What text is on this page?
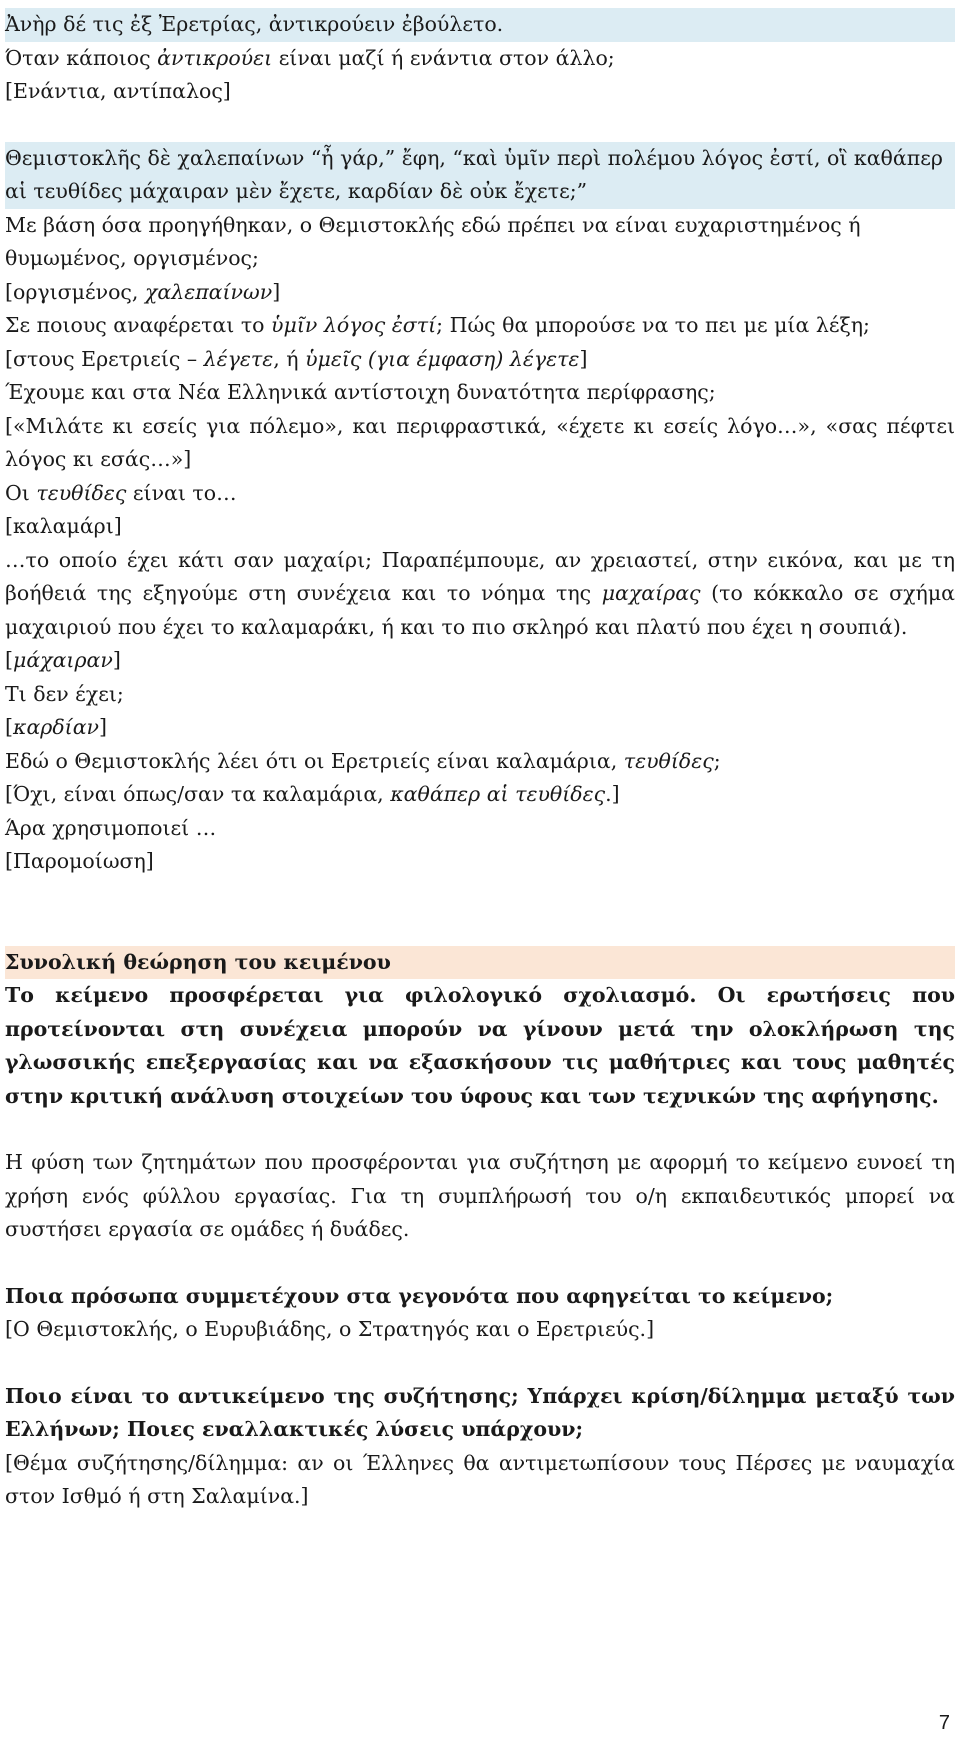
Ἀνὴρ δέ τις ἐξ Ἐρετρίας, ἀντικρούειν ἐβούλετο.

Όταν κάποιος ἀντικρούει είναι μαζί ή ενάντια στον άλλο;

[Ενάντια, αντίπαλος]

Θεμιστοκλῆς δὲ χαλεπαίνων “ἦ γάρ,” ἔφη, “καὶ ὑμῖν περὶ πολέμου λόγος ἐστί, οἳ καθάπερ αἱ τευθίδες μάχαιραν μὲν ἔχετε, καρδίαν δὲ οὐκ ἔχετε;”

Με βάση όσα προηγήθηκαν, ο Θεμιστοκλής εδώ πρέπει να είναι ευχαριστημένος ή θυμωμένος, οργισμένος;

[οργισμένος, χαλεπαίνων]

Σε ποιους αναφέρεται το ὑμῖν λόγος ἐστί; Πώς θα μπορούσε να το πει με μία λέξη;

[στους Ερετριείς – λέγετε, ή ὑμεῖς (για έμφαση) λέγετε]

Έχουμε και στα Νέα Ελληνικά αντίστοιχη δυνατότητα περίφρασης;

[«Μιλάτε κι εσείς για πόλεμο», και περιφραστικά, «έχετε κι εσείς λόγο…», «σας πέφτει λόγος κι εσάς…»]

Οι τευθίδες είναι το…

[καλαμάρι]

…το οποίο έχει κάτι σαν μαχαίρι; Παραπέμπουμε, αν χρειαστεί, στην εικόνα, και με τη βοήθειά της εξηγούμε στη συνέχεια και το νόημα της μαχαίρας (το κόκκαλο σε σχήμα μαχαιριού που έχει το καλαμαράκι, ή και το πιο σκληρό και πλατύ που έχει η σουπιά).

[μάχαιραν]

Τι δεν έχει;

[καρδίαν]

Εδώ ο Θεμιστοκλής λέει ότι οι Ερετριείς είναι καλαμάρια, τευθίδες;

[Όχι, είναι όπως/σαν τα καλαμάρια, καθάπερ αἱ τευθίδες.]

Άρα χρησιμοποιεί …

[Παρομοίωση]

Συνολική θεώρηση του κειμένου

Το κείμενο προσφέρεται για φιλολογικό σχολιασμό. Οι ερωτήσεις που προτείνονται στη συνέχεια μπορούν να γίνουν μετά την ολοκλήρωση της γλωσσικής επεξεργασίας και να εξασκήσουν τις μαθήτριες και τους μαθητές στην κριτική ανάλυση στοιχείων του ύφους και των τεχνικών της αφήγησης.

Η φύση των ζητημάτων που προσφέρονται για συζήτηση με αφορμή το κείμενο ευνοεί τη χρήση ενός φύλλου εργασίας. Για τη συμπλήρωσή του ο/η εκπαιδευτικός μπορεί να συστήσει εργασία σε ομάδες ή δυάδες.

Ποια πρόσωπα συμμετέχουν στα γεγονότα που αφηγείται το κείμενο;

[Ο Θεμιστοκλής, ο Ευρυβιάδης, ο Στρατηγός και ο Ερετριεύς.]

Ποιο είναι το αντικείμενο της συζήτησης; Υπάρχει κρίση/δίλημμα μεταξύ των Ελλήνων; Ποιες εναλλακτικές λύσεις υπάρχουν;

[Θέμα συζήτησης/δίλημμα: αν οι Έλληνες θα αντιμετωπίσουν τους Πέρσες με ναυμαχία στον Ισθμό ή στη Σαλαμίνα.]

7
